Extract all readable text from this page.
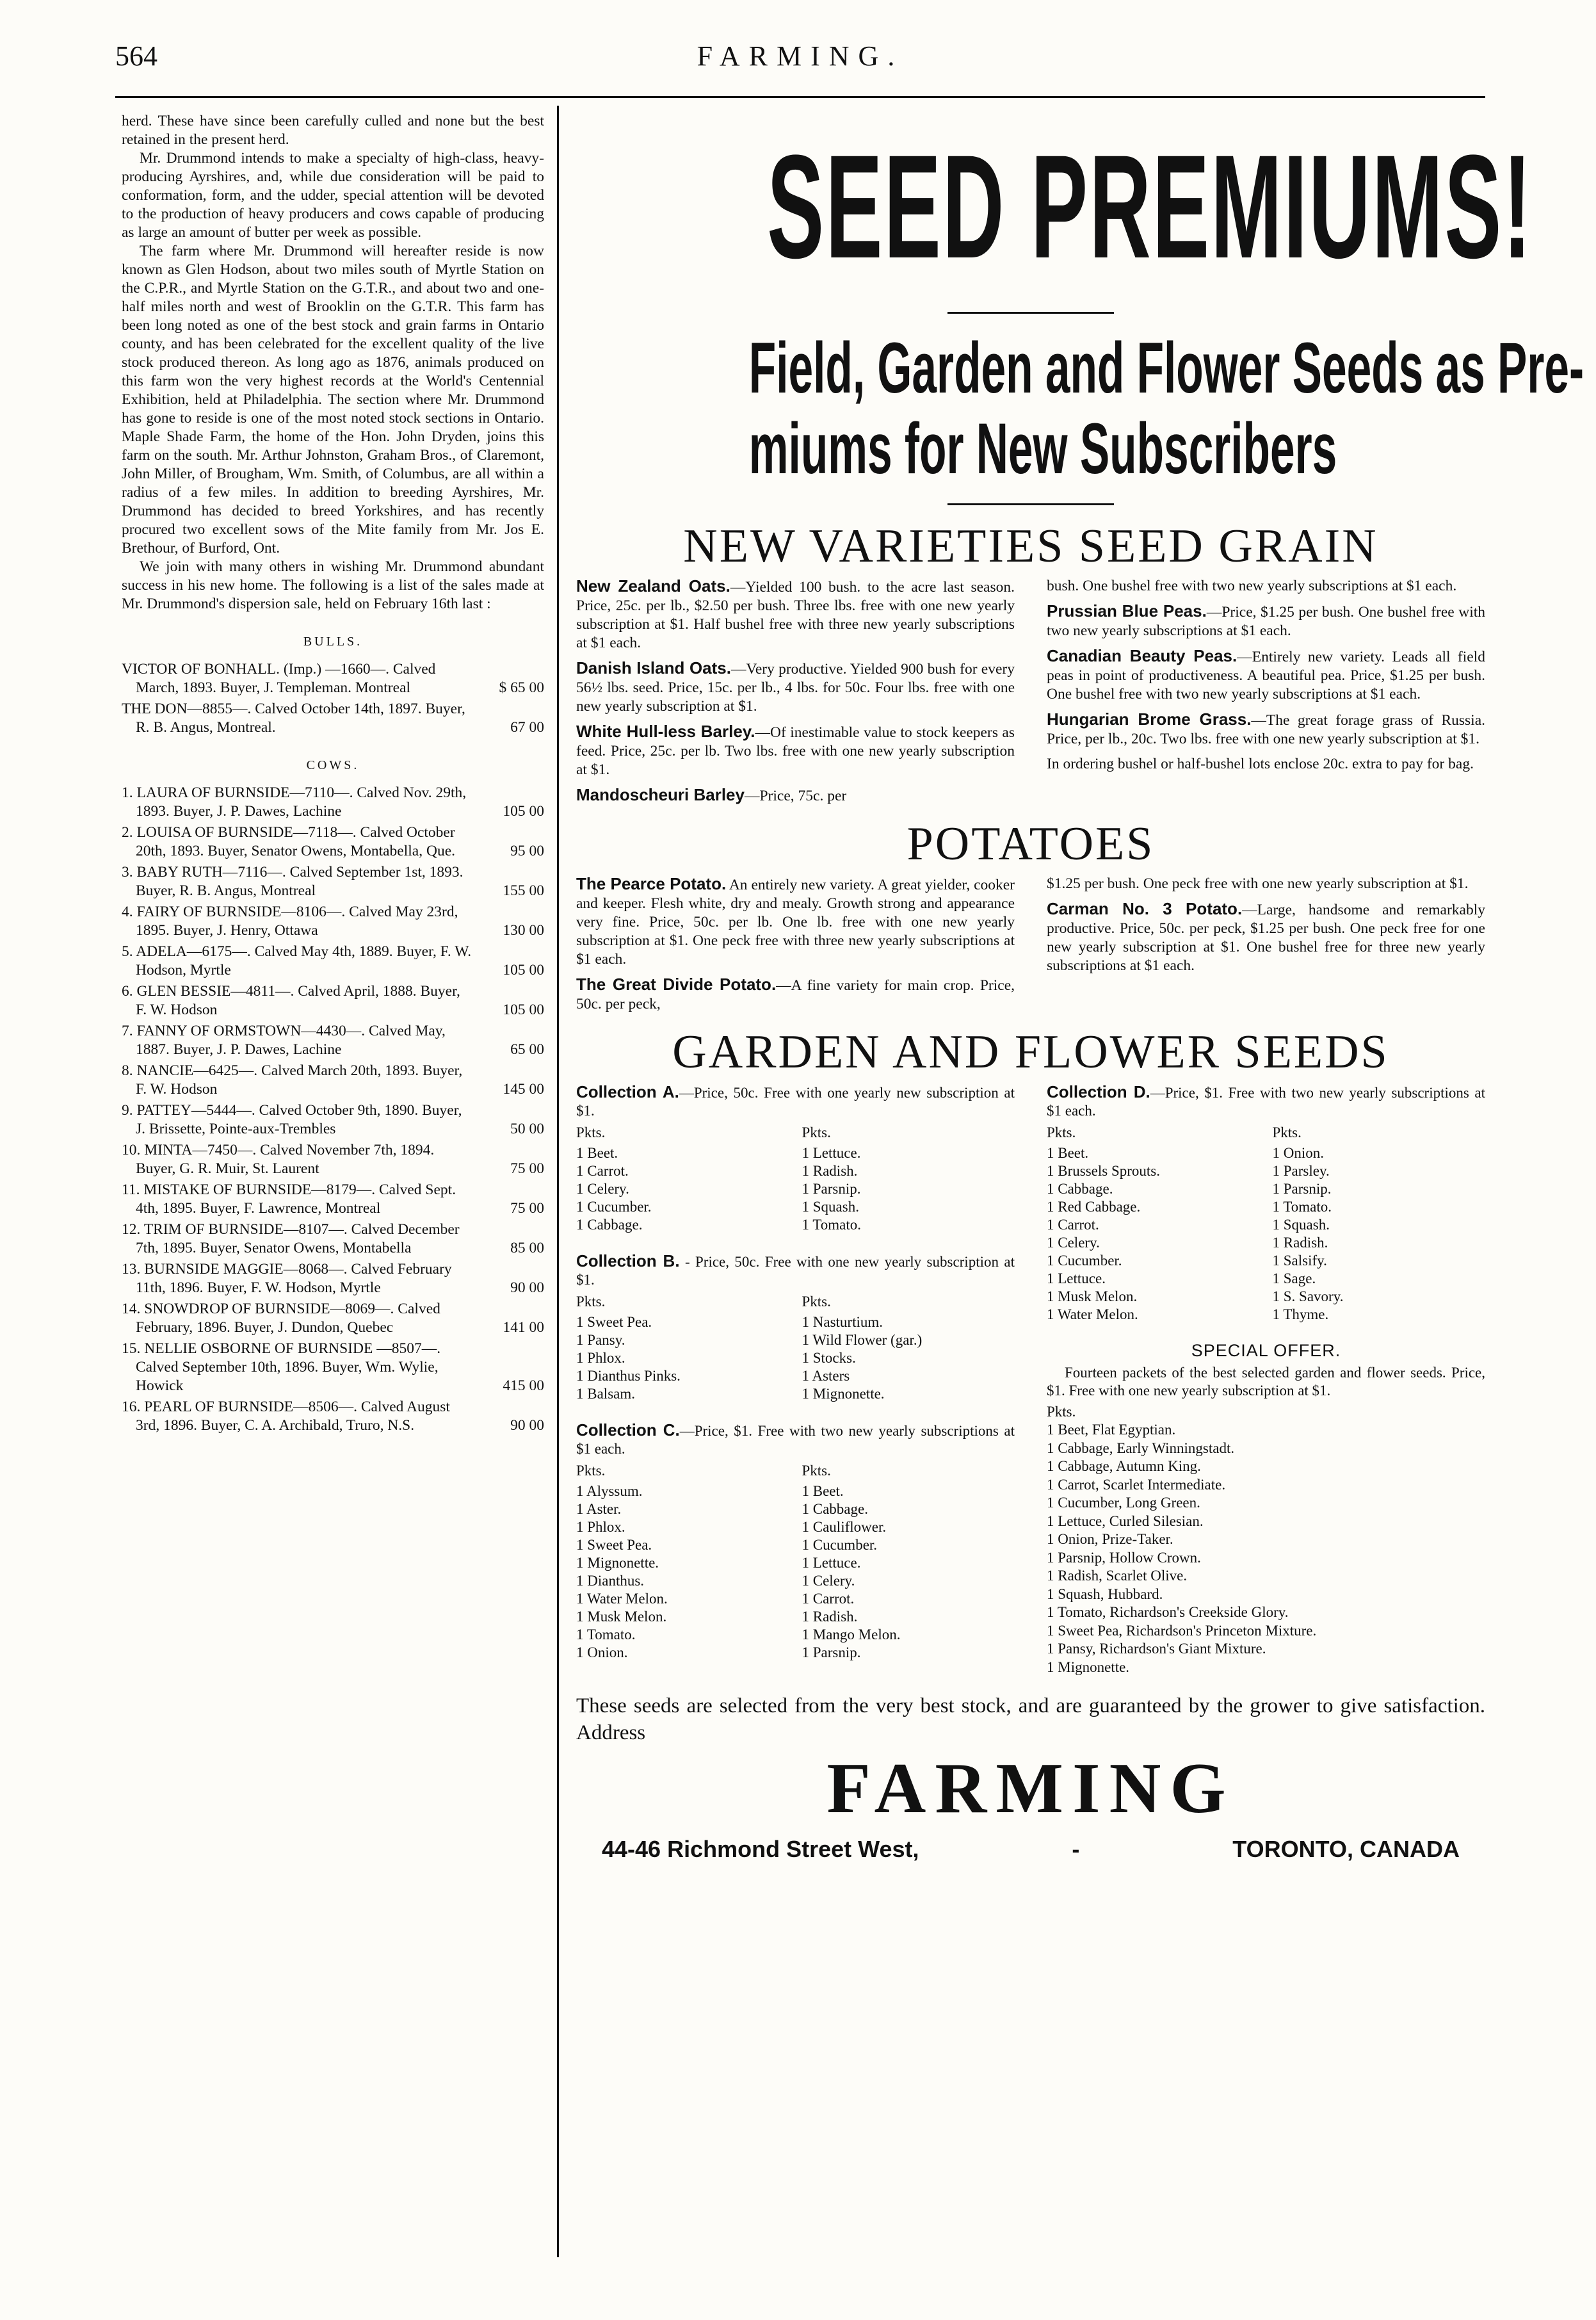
564	FARMING.

herd. These have since been carefully culled and none but the best retained in the present herd.

Mr. Drummond intends to make a specialty of high-class, heavy-producing Ayrshires, and, while due consideration will be paid to conformation, form, and the udder, special attention will be devoted to the production of heavy producers and cows capable of producing as large an amount of butter per week as possible.

The farm where Mr. Drummond will hereafter reside is now known as Glen Hodson, about two miles south of Myrtle Station on the C.P.R., and Myrtle Station on the G.T.R., and about two and one-half miles north and west of Brooklin on the G.T.R. This farm has been long noted as one of the best stock and grain farms in Ontario county, and has been celebrated for the excellent quality of the live stock produced thereon. As long ago as 1876, animals produced on this farm won the very highest records at the World's Centennial Exhibition, held at Philadelphia. The section where Mr. Drummond has gone to reside is one of the most noted stock sections in Ontario. Maple Shade Farm, the home of the Hon. John Dryden, joins this farm on the south. Mr. Arthur Johnston, Graham Bros., of Claremont, John Miller, of Brougham, Wm. Smith, of Columbus, are all within a radius of a few miles. In addition to breeding Ayrshires, Mr. Drummond has decided to breed Yorkshires, and has recently procured two excellent sows of the Mite family from Mr. Jos E. Brethour, of Burford, Ont.

We join with many others in wishing Mr. Drummond abundant success in his new home. The following is a list of the sales made at Mr. Drummond's dispersion sale, held on February 16th last :

BULLS.
VICTOR OF BONHALL. (Imp.) —1660—. Calved March, 1893. Buyer, J. Templeman. Montreal	$ 65 00
THE DON—8855—. Calved October 14th, 1897. Buyer, R. B. Angus, Montreal.	67 00
COWS.
1. LAURA OF BURNSIDE—7110—. Calved Nov. 29th, 1893. Buyer, J. P. Dawes, Lachine	105 00
2. LOUISA OF BURNSIDE—7118—. Calved October 20th, 1893. Buyer, Senator Owens, Montabella, Que.	95 00
3. BABY RUTH—7116—. Calved September 1st, 1893. Buyer, R. B. Angus, Montreal	155 00
4. FAIRY OF BURNSIDE—8106—. Calved May 23rd, 1895. Buyer, J. Henry, Ottawa	130 00
5. ADELA—6175—. Calved May 4th, 1889. Buyer, F. W. Hodson, Myrtle	105 00
6. GLEN BESSIE—4811—. Calved April, 1888. Buyer, F. W. Hodson	105 00
7. FANNY OF ORMSTOWN—4430—. Calved May, 1887. Buyer, J. P. Dawes, Lachine	65 00
8. NANCIE—6425—. Calved March 20th, 1893. Buyer, F. W. Hodson	145 00
9. PATTEY—5444—. Calved October 9th, 1890. Buyer, J. Brissette, Pointe-aux-Trembles	50 00
10. MINTA—7450—. Calved November 7th, 1894. Buyer, G. R. Muir, St. Laurent	75 00
11. MISTAKE OF BURNSIDE—8179—. Calved Sept. 4th, 1895. Buyer, F. Lawrence, Montreal	75 00
12. TRIM OF BURNSIDE—8107—. Calved December 7th, 1895. Buyer, Senator Owens, Montabella	85 00
13. BURNSIDE MAGGIE—8068—. Calved February 11th, 1896. Buyer, F. W. Hodson, Myrtle	90 00
14. SNOWDROP OF BURNSIDE—8069—. Calved February, 1896. Buyer, J. Dundon, Quebec	141 00
15. NELLIE OSBORNE OF BURNSIDE —8507—. Calved September 10th, 1896. Buyer, Wm. Wylie, Howick	415 00
16. PEARL OF BURNSIDE—8506—. Calved August 3rd, 1896. Buyer, C. A. Archibald, Truro, N.S.	90 00
SEED PREMIUMS!
Field, Garden and Flower Seeds as Pre-
miums for New Subscribers
NEW VARIETIES SEED GRAIN

New Zealand Oats.—Yielded 100 bush. to the acre last season. Price, 25c. per lb., $2.50 per bush. Three lbs. free with one new yearly subscription at $1. Half bushel free with three new yearly subscriptions at $1 each.

Danish Island Oats.—Very productive. Yielded 900 bush for every 56½ lbs. seed. Price, 15c. per lb., 4 lbs. for 50c. Four lbs. free with one new yearly subscription at $1.

White Hull-less Barley.—Of inestimable value to stock keepers as feed. Price, 25c. per lb. Two lbs. free with one new yearly subscription at $1.

Mandoscheuri Barley—Price, 75c. per

bush. One bushel free with two new yearly subscriptions at $1 each.

Prussian Blue Peas.—Price, $1.25 per bush. One bushel free with two new yearly subscriptions at $1 each.

Canadian Beauty Peas.—Entirely new variety. Leads all field peas in point of productiveness. A beautiful pea. Price, $1.25 per bush. One bushel free with two new yearly subscriptions at $1 each.

Hungarian Brome Grass.—The great forage grass of Russia. Price, per lb., 20c. Two lbs. free with one new yearly subscription at $1.

In ordering bushel or half-bushel lots enclose 20c. extra to pay for bag.

POTATOES

The Pearce Potato. An entirely new variety. A great yielder, cooker and keeper. Flesh white, dry and mealy. Growth strong and appearance very fine. Price, 50c. per lb. One lb. free with one new yearly subscription at $1. One peck free with three new yearly subscriptions at $1 each.

The Great Divide Potato.—A fine variety for main crop. Price, 50c. per peck,

$1.25 per bush. One peck free with one new yearly subscription at $1.

Carman No. 3 Potato.—Large, handsome and remarkably productive. Price, 50c. per peck, $1.25 per bush. One peck free for one new yearly subscription at $1. One bushel free for three new yearly subscriptions at $1 each.

GARDEN AND FLOWER SEEDS
Collection A.—Price, 50c. Free with one yearly new subscription at $1.
Pkts.	Pkts.
1 Beet.	1 Lettuce.
1 Carrot.	1 Radish.
1 Celery.	1 Parsnip.
1 Cucumber.	1 Squash.
1 Cabbage.	1 Tomato.
Collection B. - Price, 50c. Free with one new yearly subscription at $1.
Pkts.	Pkts.
1 Sweet Pea.	1 Nasturtium.
1 Pansy.	1 Wild Flower (gar.)
1 Phlox.	1 Stocks.
1 Dianthus Pinks.	1 Asters
1 Balsam.	1 Mignonette.
Collection C.—Price, $1. Free with two new yearly subscriptions at $1 each.
Pkts.	Pkts.
1 Alyssum.	1 Beet.
1 Aster.	1 Cabbage.
1 Phlox.	1 Cauliflower.
1 Sweet Pea.	1 Cucumber.
1 Mignonette.	1 Lettuce.
1 Dianthus.	1 Celery.
1 Water Melon.	1 Carrot.
1 Musk Melon.	1 Radish.
1 Tomato.	1 Mango Melon.
1 Onion.	1 Parsnip.
Collection D.—Price, $1. Free with two new yearly subscriptions at $1 each.
Pkts.	Pkts.
1 Beet.	1 Onion.
1 Brussels Sprouts.	1 Parsley.
1 Cabbage.	1 Parsnip.
1 Red Cabbage.	1 Tomato.
1 Carrot.	1 Squash.
1 Celery.	1 Radish.
1 Cucumber.	1 Salsify.
1 Lettuce.	1 Sage.
1 Musk Melon.	1 S. Savory.
1 Water Melon.	1 Thyme.
SPECIAL OFFER.
Fourteen packets of the best selected garden and flower seeds. Price, $1. Free with one new yearly subscription at $1.
Pkts.
1 Beet, Flat Egyptian.
1 Cabbage, Early Winningstadt.
1 Cabbage, Autumn King.
1 Carrot, Scarlet Intermediate.
1 Cucumber, Long Green.
1 Lettuce, Curled Silesian.
1 Onion, Prize-Taker.
1 Parsnip, Hollow Crown.
1 Radish, Scarlet Olive.
1 Squash, Hubbard.
1 Tomato, Richardson's Creekside Glory.
1 Sweet Pea, Richardson's Princeton Mixture.
1 Pansy, Richardson's Giant Mixture.
1 Mignonette.
These seeds are selected from the very best stock, and are guaranteed by the grower to give satisfaction. Address
FARMING
44-46 Richmond Street West,	-	TORONTO, CANADA
